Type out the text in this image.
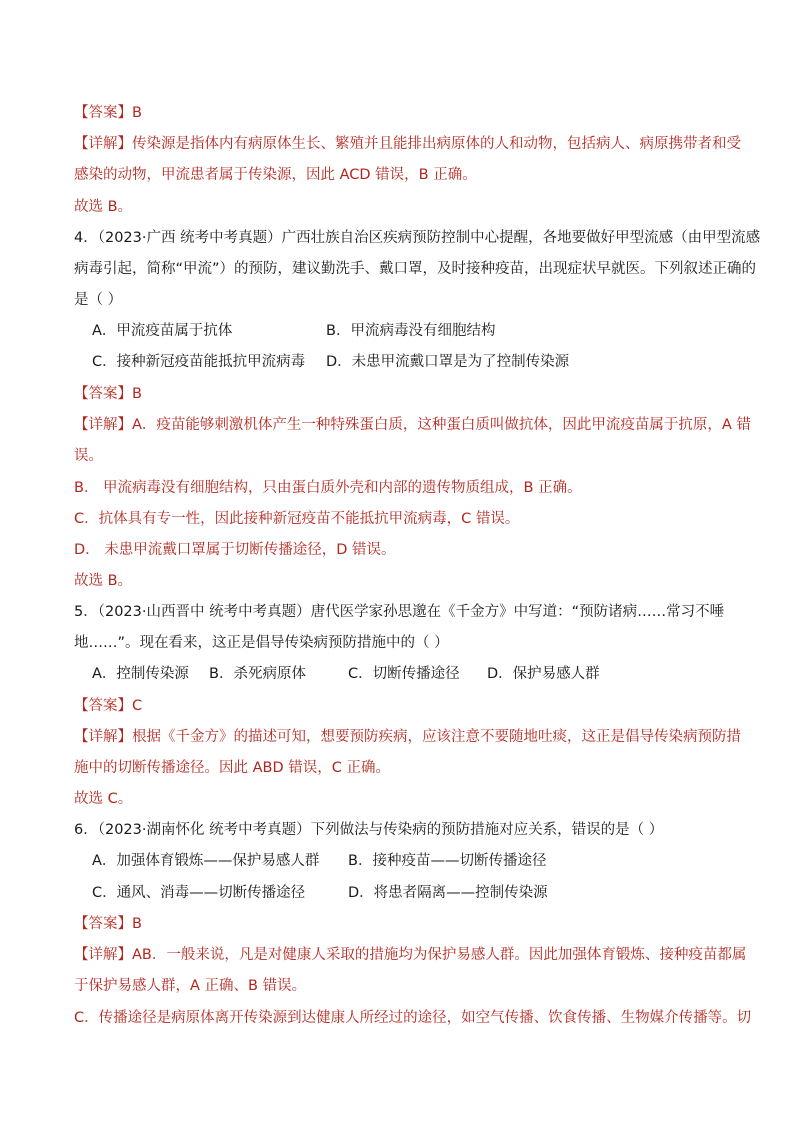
【答案】B
【详解】传染源是指体内有病原体生长、繁殖并且能排出病原体的人和动物，包括病人、病原携带者和受
感染的动物，甲流患者属于传染源，因此 ACD 错误，B 正确。
故选 B。
4．（2023·广西 统考中考真题）广西壮族自治区疾病预防控制中心提醒，各地要做好甲型流感（由甲型流感
病毒引起，简称“甲流”）的预防，建议勤洗手、戴口罩，及时接种疫苗，出现症状早就医。下列叙述正确的
是（ ）
A．甲流疫苗属于抗体	B．甲流病毒没有细胞结构
C．接种新冠疫苗能抵抗甲流病毒 D．未患甲流戴口罩是为了控制传染源
【答案】B
【详解】A．疫苗能够刺激机体产生一种特殊蛋白质，这种蛋白质叫做抗体，因此甲流疫苗属于抗原，A 错
误。
B． 甲流病毒没有细胞结构，只由蛋白质外壳和内部的遗传物质组成，B 正确。
C．抗体具有专一性，因此接种新冠疫苗不能抵抗甲流病毒，C 错误。
D． 未患甲流戴口罩属于切断传播途径，D 错误。
故选 B。
5．（2023·山西晋中 统考中考真题）唐代医学家孙思邈在《千金方》中写道：“预防诸病……常习不唾
地……”。现在看来，这正是倡导传染病预防措施中的（ ）
A．控制传染源 B．杀死病原体	C．切断传播途径 D．保护易感人群
【答案】C
【详解】根据《千金方》的描述可知，想要预防疾病，应该注意不要随地吐痰，这正是倡导传染病预防措
施中的切断传播途径。因此 ABD 错误，C 正确。
故选 C。
6．（2023·湖南怀化 统考中考真题）下列做法与传染病的预防措施对应关系，错误的是（ ）
A．加强体育锻炼——保护易感人群 B．接种疫苗——切断传播途径
C．通风、消毒——切断传播途径	D．将患者隔离——控制传染源
【答案】B
【详解】AB．一般来说，凡是对健康人采取的措施均为保护易感人群。因此加强体育锻炼、接种疫苗都属
于保护易感人群，A 正确、B 错误。
C．传播途径是病原体离开传染源到达健康人所经过的途径，如空气传播、饮食传播、生物媒介传播等。切
